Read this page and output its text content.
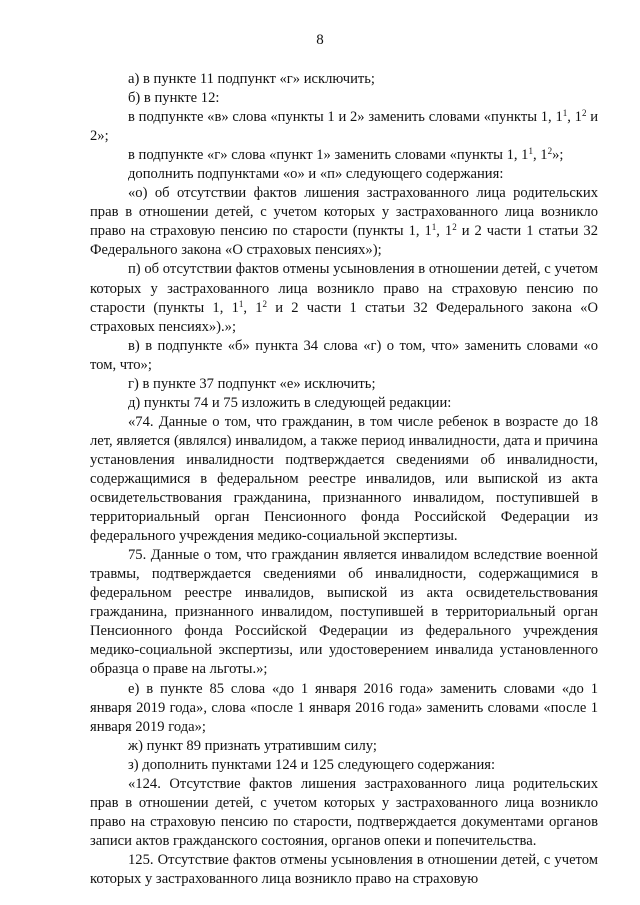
8

а) в пункте 11 подпункт «г» исключить;

б) в пункте 12:

в подпункте «в» слова «пункты 1 и 2» заменить словами «пункты 1, $1^1$, $1^2$ и 2»;

в подпункте «г» слова «пункт 1» заменить словами «пункты 1, $1^1$, $1^2$»;

дополнить подпунктами «о» и «п» следующего содержания:

«о) об отсутствии фактов лишения застрахованного лица родительских прав в отношении детей, с учетом которых у застрахованного лица возникло право на страховую пенсию по старости (пункты 1, $1^1$, $1^2$ и 2 части 1 статьи 32 Федерального закона «О страховых пенсиях»);

п) об отсутствии фактов отмены усыновления в отношении детей, с учетом которых у застрахованного лица возникло право на страховую пенсию по старости (пункты 1, $1^1$, $1^2$ и 2 части 1 статьи 32 Федерального закона «О страховых пенсиях»).»;

в) в подпункте «б» пункта 34 слова «г) о том, что» заменить словами «о том, что»;

г) в пункте 37 подпункт «е» исключить;

д) пункты 74 и 75 изложить в следующей редакции:

«74. Данные о том, что гражданин, в том числе ребенок в возрасте до 18 лет, является (являлся) инвалидом, а также период инвалидности, дата и причина установления инвалидности подтверждается сведениями об инвалидности, содержащимися в федеральном реестре инвалидов, или выпиской из акта освидетельствования гражданина, признанного инвалидом, поступившей в территориальный орган Пенсионного фонда Российской Федерации из федерального учреждения медико-социальной экспертизы.

75. Данные о том, что гражданин является инвалидом вследствие военной травмы, подтверждается сведениями об инвалидности, содержащимися в федеральном реестре инвалидов, выпиской из акта освидетельствования гражданина, признанного инвалидом, поступившей в территориальный орган Пенсионного фонда Российской Федерации из федерального учреждения медико-социальной экспертизы, или удостоверением инвалида установленного образца о праве на льготы.»;

е) в пункте 85 слова «до 1 января 2016 года» заменить словами «до 1 января 2019 года», слова «после 1 января 2016 года» заменить словами «после 1 января 2019 года»;

ж) пункт 89 признать утратившим силу;

з) дополнить пунктами 124 и 125 следующего содержания:

«124. Отсутствие фактов лишения застрахованного лица родительских прав в отношении детей, с учетом которых у застрахованного лица возникло право на страховую пенсию по старости, подтверждается документами органов записи актов гражданского состояния, органов опеки и попечительства.

125. Отсутствие фактов отмены усыновления в отношении детей, с учетом которых у застрахованного лица возникло право на страховую
